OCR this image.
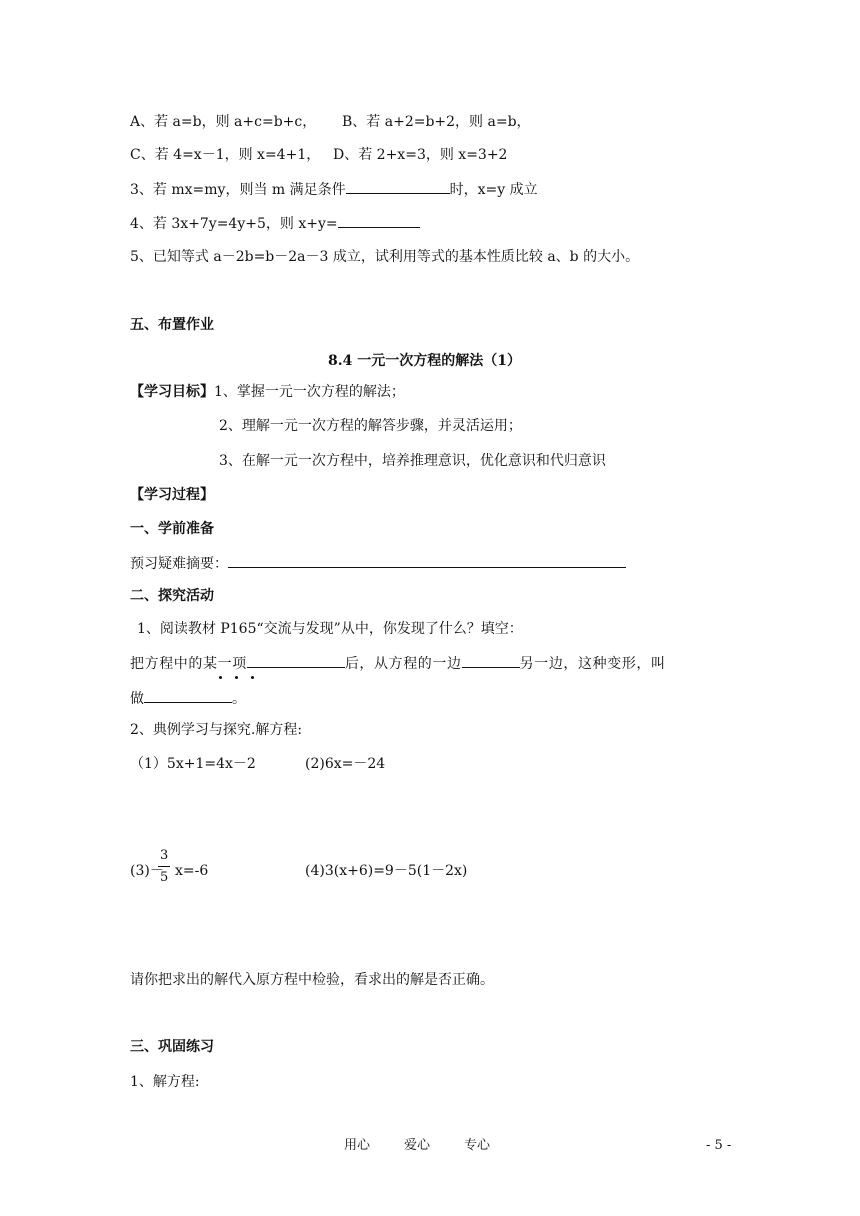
A、若 a=b，则 a+c=b+c， B、若 a+2=b+2，则 a=b，
C、若 4=x－1，则 x=4+1， D、若 2+x=3，则 x=3+2
3、若 mx=my，则当 m 满足条件	时，x=y 成立
4、若 3x+7y=4y+5，则 x+y=
5、已知等式 a－2b=b－2a－3 成立，试利用等式的基本性质比较 a、b 的大小。
五、布置作业
8.4 一元一次方程的解法（1）
【学习目标】1、掌握一元一次方程的解法；
2、理解一元一次方程的解答步骤，并灵活运用；
3、在解一元一次方程中，培养推理意识，优化意识和代归意识
【学习过程】
一、学前准备
预习疑难摘要：
二、探究活动
1、阅读教材 P165“交流与发现”从中，你发现了什么？填空：
把方程中的某一项	后，从方程的一边	另一边，这种变形，叫
做	。
2、典例学习与探究.解方程:
（1）5x+1=4x－2	(2)6x=－24
(3)－
3
5 x=-6	(4)3(x+6)=9－5(1－2x)
请你把求出的解代入原方程中检验，看求出的解是否正确。
三、巩固练习
1、解方程:
用心	爱心	专心	- 5 -
